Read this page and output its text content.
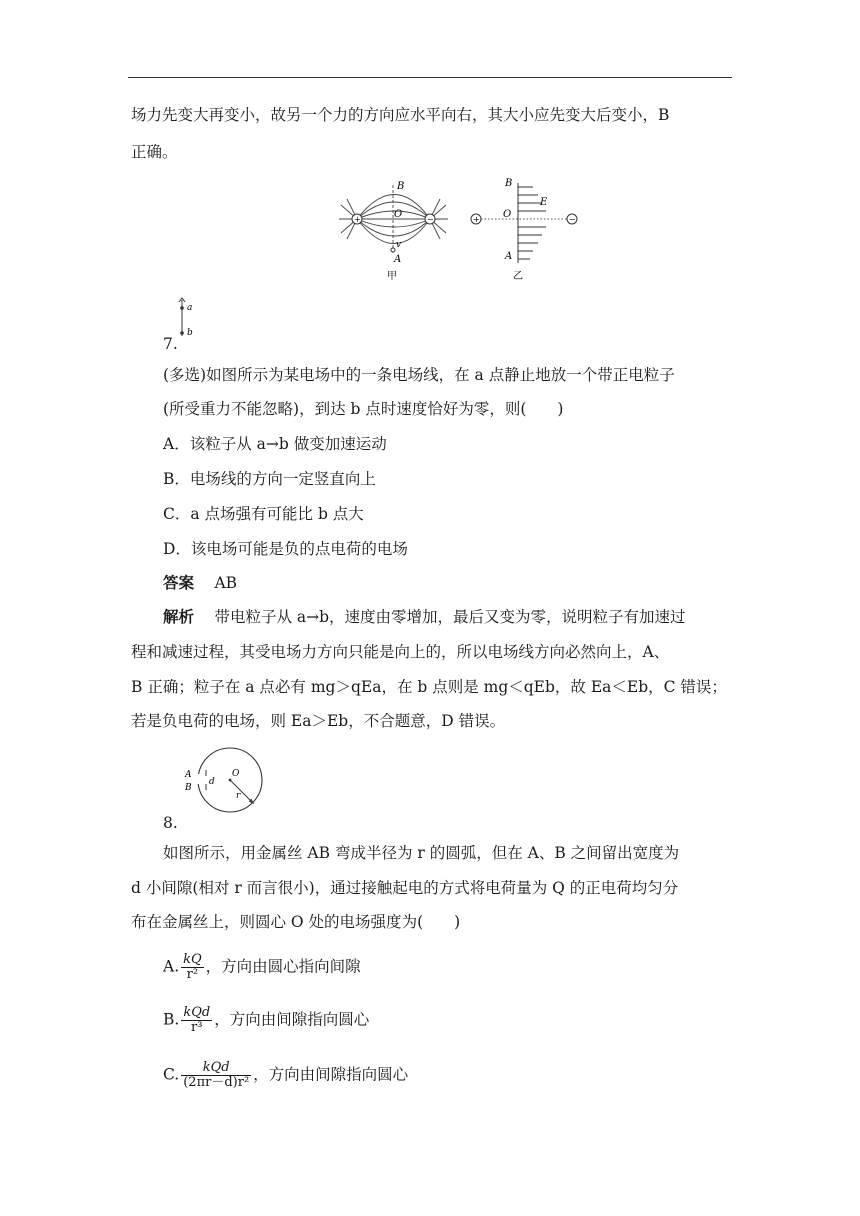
场力先变大再变小，故另一个力的方向应水平向右，其大小应先变大后变小，B
正确。
+	−
B
O
A
v
甲
+	−
B
O
E
A
乙
a
b
7.
(多选)如图所示为某电场中的一条电场线，在 a 点静止地放一个带正电粒子
(所受重力不能忽略)，到达 b 点时速度恰好为零，则(　　)
A．该粒子从 a→b 做变加速运动
B．电场线的方向一定竖直向上
C．a 点场强有可能比 b 点大
D．该电场可能是负的点电荷的电场
答案　 AB
解析　 带电粒子从 a→b，速度由零增加，最后又变为零，说明粒子有加速过
程和减速过程，其受电场力方向只能是向上的，所以电场线方向必然向上，A、
B 正确；粒子在 a 点必有 mg＞qEa，在 b 点则是 mg＜qEb，故 Ea＜Eb，C 错误；
若是负电荷的电场，则 Ea＞Eb，不合题意，D 错误。
A
B
d
O
r
8.
如图所示，用金属丝 AB 弯成半径为 r 的圆弧，但在 A、B 之间留出宽度为
d 小间隙(相对 r 而言很小)，通过接触起电的方式将电荷量为 Q 的正电荷均匀分
布在金属丝上，则圆心 O 处的电场强度为(　　)
A. $\frac{kQ}{\text{r²}}$ ，方向由圆心指向间隙
B. $\frac{\text{kQd}}{\text{r³}}$ ，方向由间隙指向圆心
C. $\frac{\text{kQd}}{\text{(2πr－d)r²}}$ ，方向由间隙指向圆心
